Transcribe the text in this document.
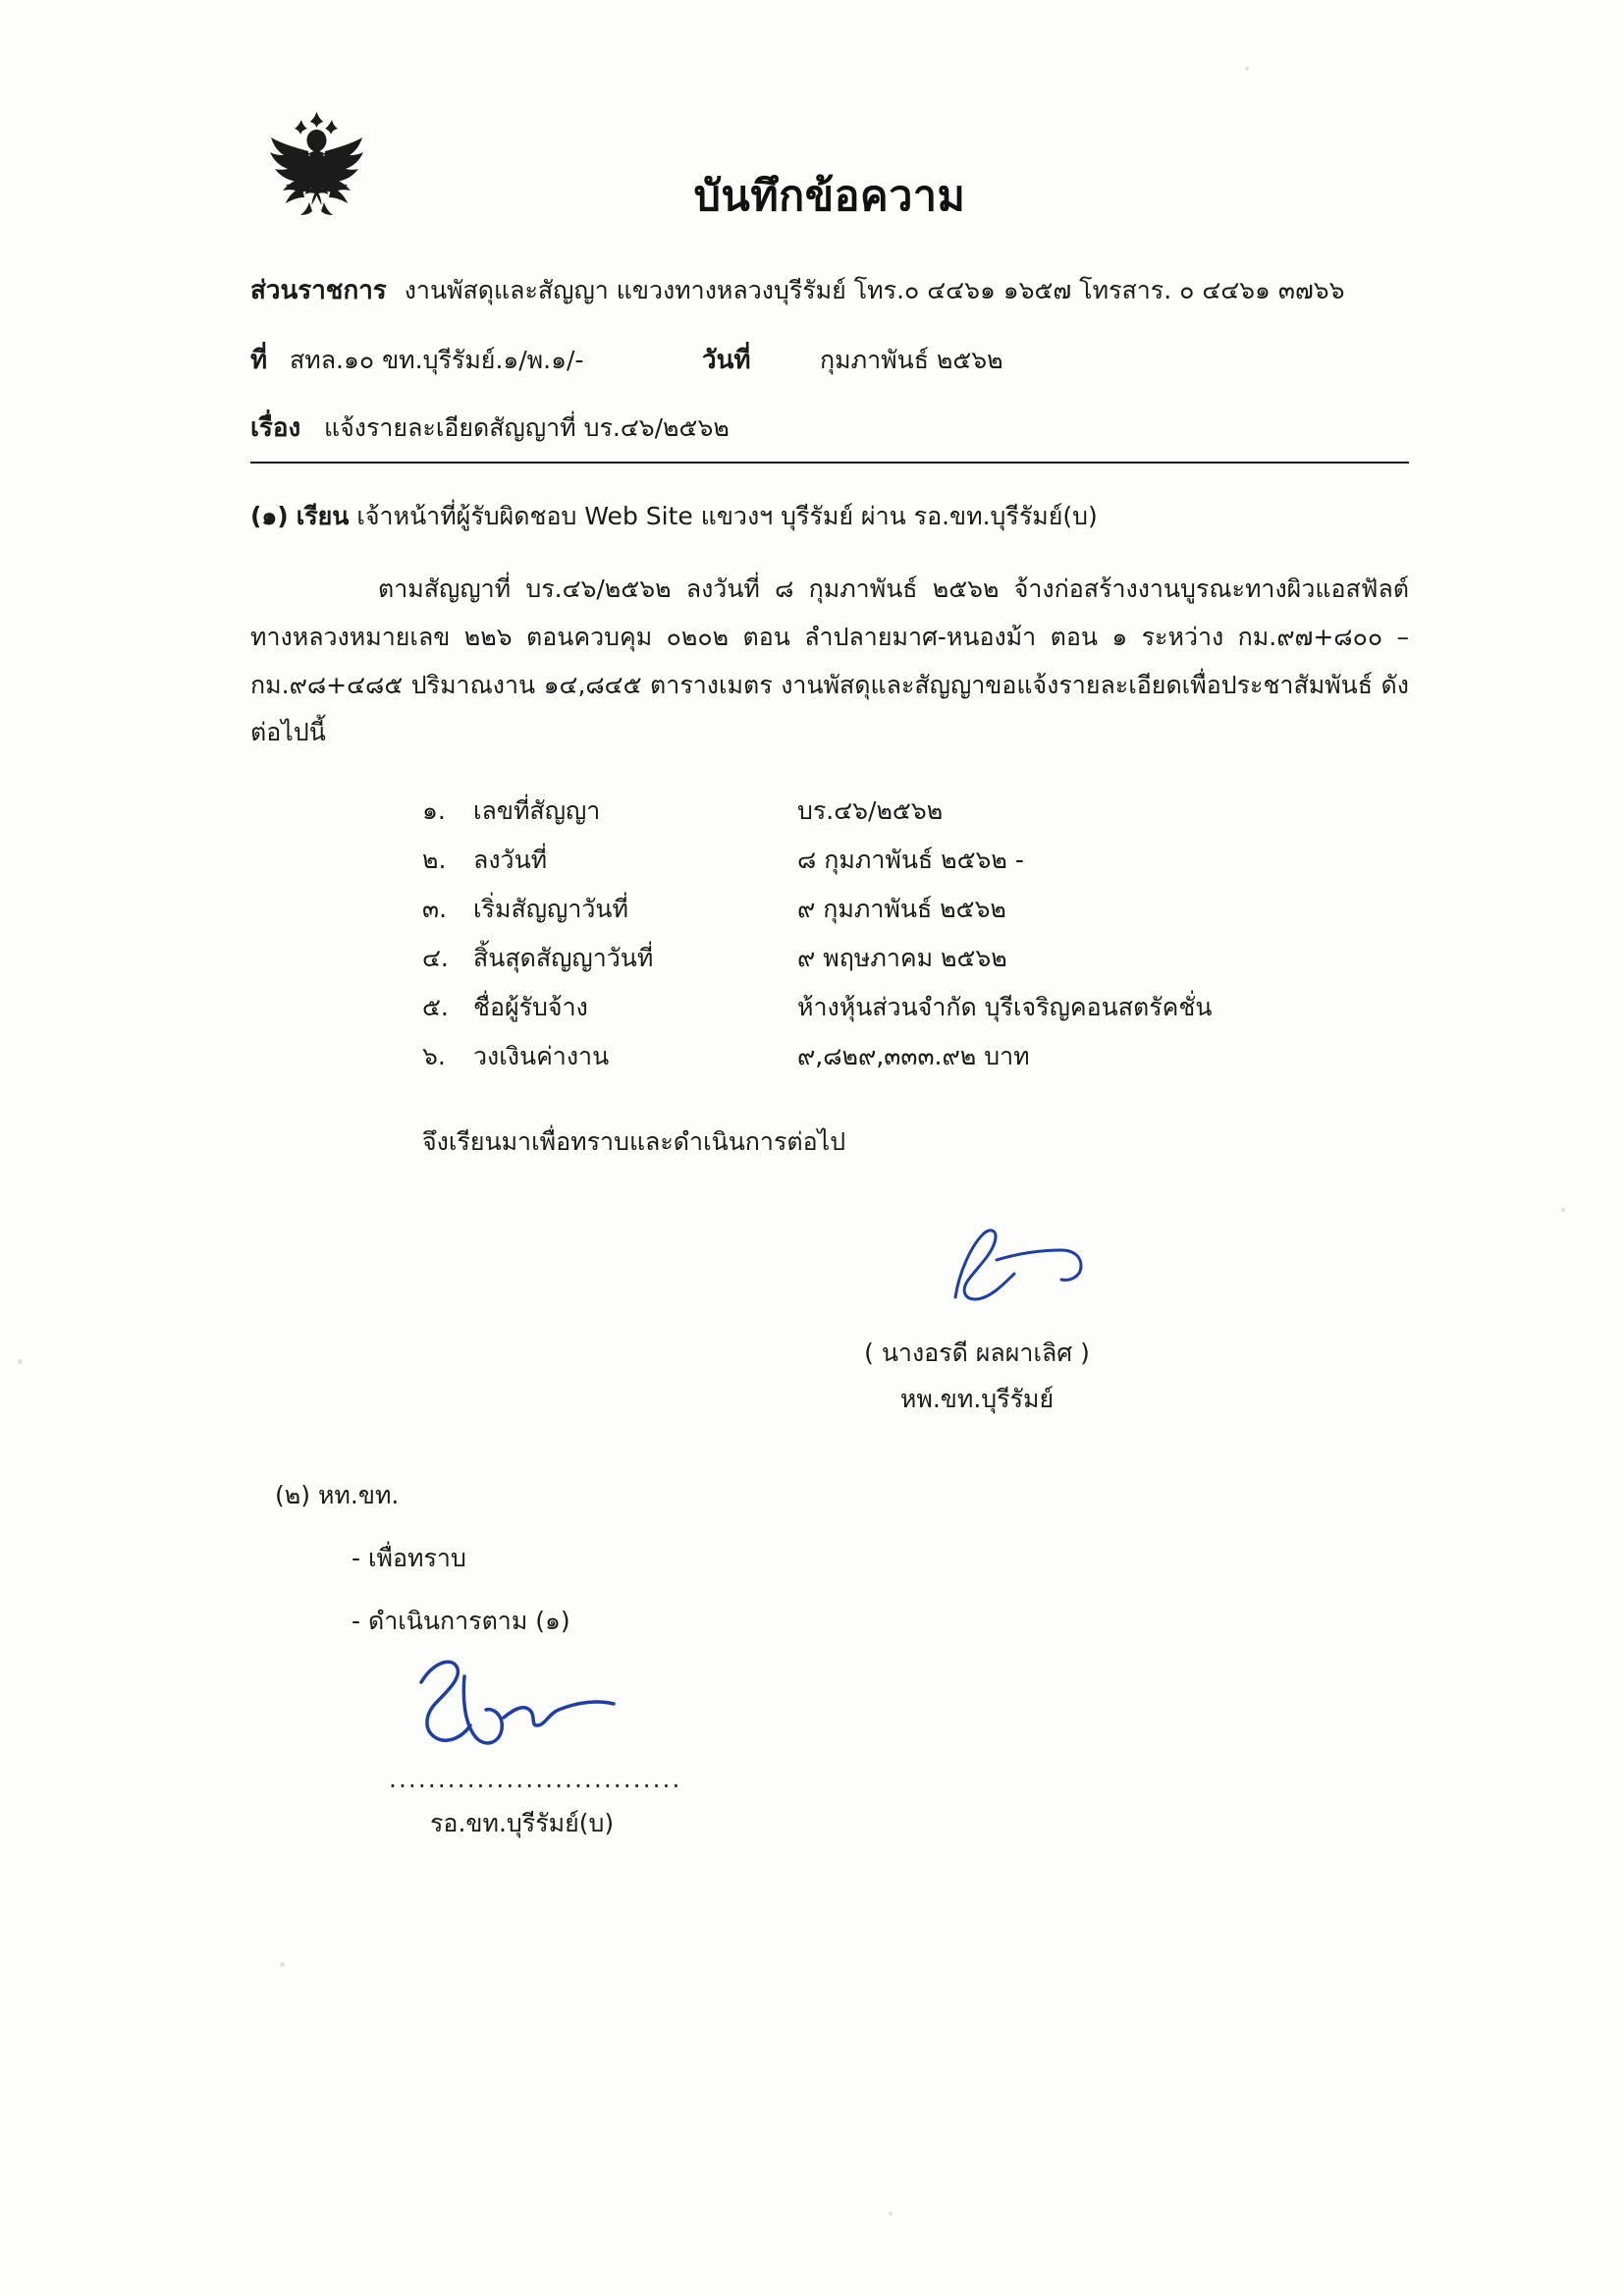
บันทึกข้อความ
ส่วนราชการ งานพัสดุและสัญญา แขวงทางหลวงบุรีรัมย์ โทร.๐ ๔๔๖๑ ๑๖๕๗ โทรสาร. ๐ ๔๔๖๑ ๓๗๖๖
ที่ สทล.๑๐ ขท.บุรีรัมย์.๑/พ.๑/-	วันที่	กุมภาพันธ์ ๒๕๖๒
เรื่อง แจ้งรายละเอียดสัญญาที่ บร.๔๖/๒๕๖๒
(๑) เรียน เจ้าหน้าที่ผู้รับผิดชอบ Web Site แขวงฯ บุรีรัมย์ ผ่าน รอ.ขท.บุรีรัมย์(บ)
ตามสัญญาที่ บร.๔๖/๒๕๖๒ ลงวันที่ ๘ กุมภาพันธ์ ๒๕๖๒ จ้างก่อสร้างงานบูรณะทางผิวแอสฟัลต์ ทางหลวงหมายเลข ๒๒๖ ตอนควบคุม ๐๒๐๒ ตอน ลำปลายมาศ-หนองม้า ตอน ๑ ระหว่าง กม.๙๗+๘๐๐ – กม.๙๘+๔๘๕ ปริมาณงาน ๑๔,๘๔๕ ตารางเมตร งานพัสดุและสัญญาขอแจ้งรายละเอียดเพื่อประชาสัมพันธ์ ดังต่อไปนี้
๑.	เลขที่สัญญา	บร.๔๖/๒๕๖๒
๒.	ลงวันที่	๘ กุมภาพันธ์ ๒๕๖๒ -
๓.	เริ่มสัญญาวันที่	๙ กุมภาพันธ์ ๒๕๖๒
๔.	สิ้นสุดสัญญาวันที่	๙ พฤษภาคม ๒๕๖๒
๕.	ชื่อผู้รับจ้าง	ห้างหุ้นส่วนจำกัด บุรีเจริญคอนสตรัคชั่น
๖.	วงเงินค่างาน	๙,๘๒๙,๓๓๓.๙๒ บาท
จึงเรียนมาเพื่อทราบและดำเนินการต่อไป
( นางอรดี ผลผาเลิศ )
หพ.ขท.บุรีรัมย์
(๒) หท.ขท.
- เพื่อทราบ
- ดำเนินการตาม (๑)
..............................
รอ.ขท.บุรีรัมย์(บ)
